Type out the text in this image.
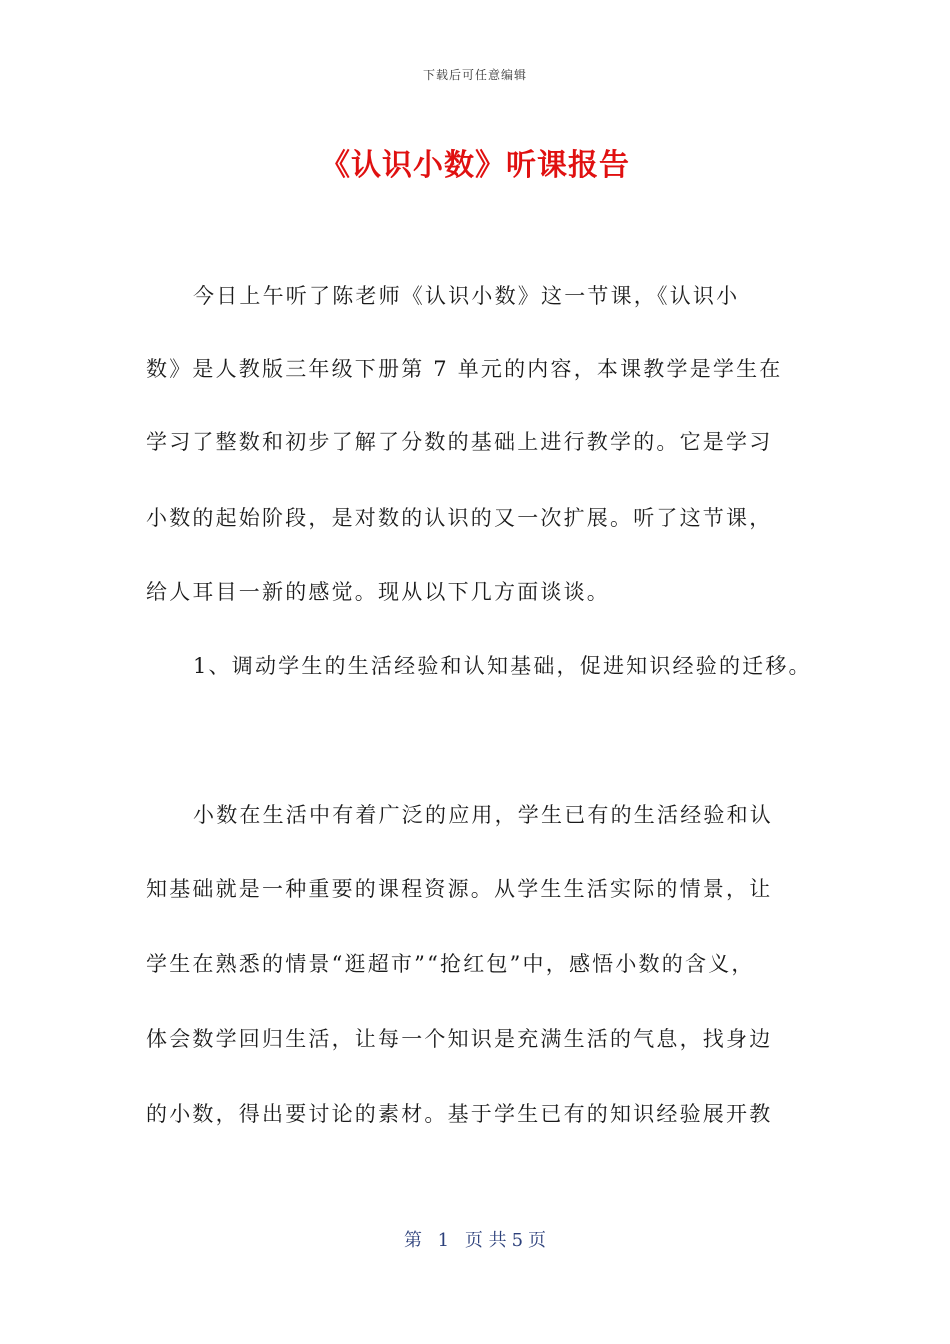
下载后可任意编辑
《认识小数》听课报告
今日上午听了陈老师《认识小数》这一节课，《认识小
数》是人教版三年级下册第 7 单元的内容，本课教学是学生在
学习了整数和初步了解了分数的基础上进行教学的。它是学习
小数的起始阶段，是对数的认识的又一次扩展。听了这节课，
给人耳目一新的感觉。现从以下几方面谈谈。
1、调动学生的生活经验和认知基础，促进知识经验的迁移。
小数在生活中有着广泛的应用，学生已有的生活经验和认
知基础就是一种重要的课程资源。从学生生活实际的情景，让
学生在熟悉的情景“逛超市”“抢红包”中，感悟小数的含义，
体会数学回归生活，让每一个知识是充满生活的气息，找身边
的小数，得出要讨论的素材。基于学生已有的知识经验展开教
第 1 页 共 5 页
